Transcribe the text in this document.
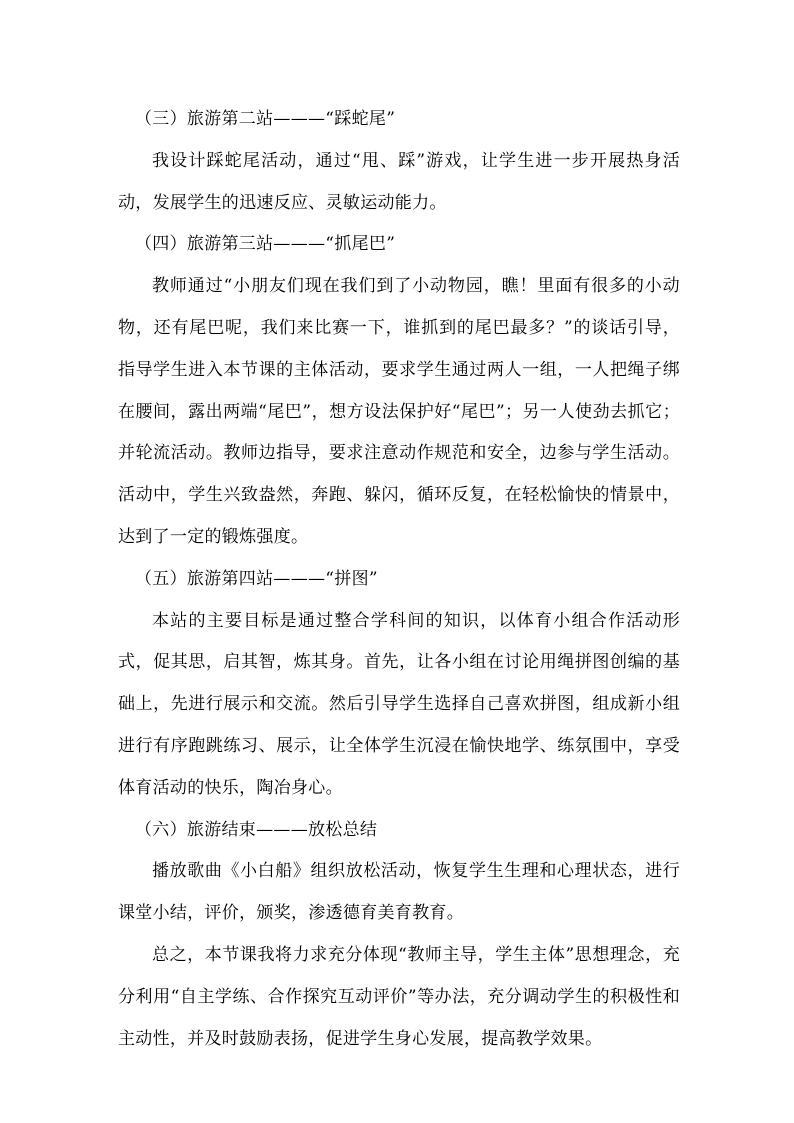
（三）旅游第二站———“踩蛇尾”

我设计踩蛇尾活动，通过“甩、踩”游戏，让学生进一步开展热身活动，发展学生的迅速反应、灵敏运动能力。

（四）旅游第三站———“抓尾巴”

教师通过“小朋友们现在我们到了小动物园，瞧！里面有很多的小动物，还有尾巴呢，我们来比赛一下，谁抓到的尾巴最多？”的谈话引导，指导学生进入本节课的主体活动，要求学生通过两人一组，一人把绳子绑在腰间，露出两端“尾巴”，想方设法保护好“尾巴”；另一人使劲去抓它；并轮流活动。教师边指导，要求注意动作规范和安全，边参与学生活动。活动中，学生兴致盎然，奔跑、躲闪，循环反复，在轻松愉快的情景中，达到了一定的锻炼强度。

（五）旅游第四站———“拼图”

本站的主要目标是通过整合学科间的知识，以体育小组合作活动形式，促其思，启其智，炼其身。首先，让各小组在讨论用绳拼图创编的基础上，先进行展示和交流。然后引导学生选择自己喜欢拼图，组成新小组进行有序跑跳练习、展示，让全体学生沉浸在愉快地学、练氛围中，享受体育活动的快乐，陶冶身心。

（六）旅游结束———放松总结

播放歌曲《小白船》组织放松活动，恢复学生生理和心理状态，进行课堂小结，评价，颁奖，渗透德育美育教育。

总之，本节课我将力求充分体现“教师主导，学生主体”思想理念，充分利用“自主学练、合作探究互动评价”等办法，充分调动学生的积极性和主动性，并及时鼓励表扬，促进学生身心发展，提高教学效果。
